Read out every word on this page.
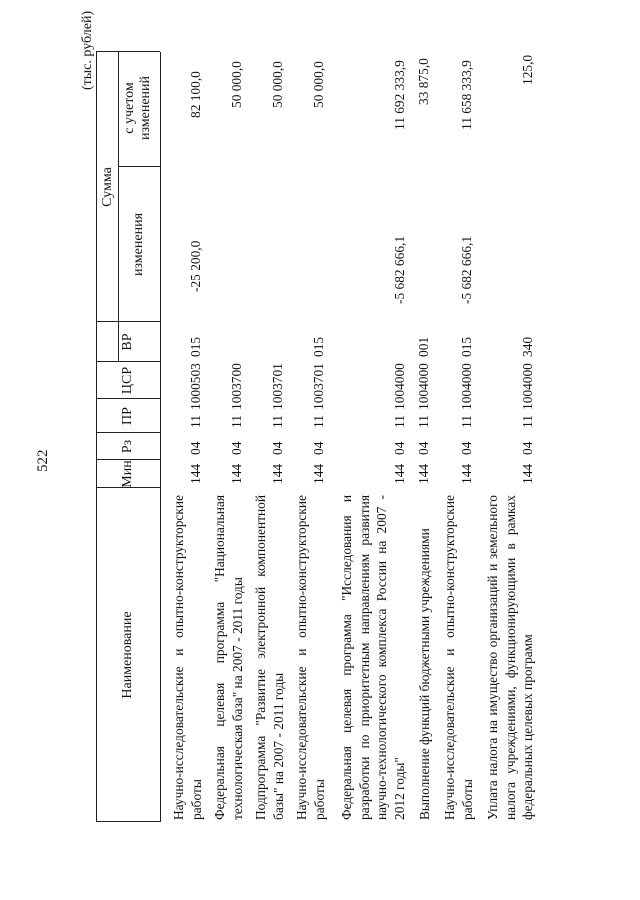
522
(тыс. рублей)
Наименование
Мин
Рз
ПР
ЦСР
ВР
Сумма
изменения
с учетом изменений
Научно-исследовательские и опытно-конструкторские работы
144
04
11
1000503
015
-25 200,0
82 100,0
Федеральная целевая программа "Национальная технологическая база" на 2007 - 2011 годы
144
04
11
1003700
50 000,0
Подпрограмма "Развитие электронной компонентной базы" на 2007 - 2011 годы
144
04
11
1003701
50 000,0
Научно-исследовательские и опытно-конструкторские работы
144
04
11
1003701
015
50 000,0
Федеральная целевая программа "Исследования и разработки по приоритетным направлениям развития научно-технологического комплекса России на 2007 - 2012 годы"
144
04
11
1004000
-5 682 666,1
11 692 333,9
Выполнение функций бюджетными учреждениями
144
04
11
1004000
001
33 875,0
Научно-исследовательские и опытно-конструкторские работы
144
04
11
1004000
015
-5 682 666,1
11 658 333,9
Уплата налога на имущество организаций и земельного налога учреждениями, функционирующими в рамках федеральных целевых программ
144
04
11
1004000
340
125,0
